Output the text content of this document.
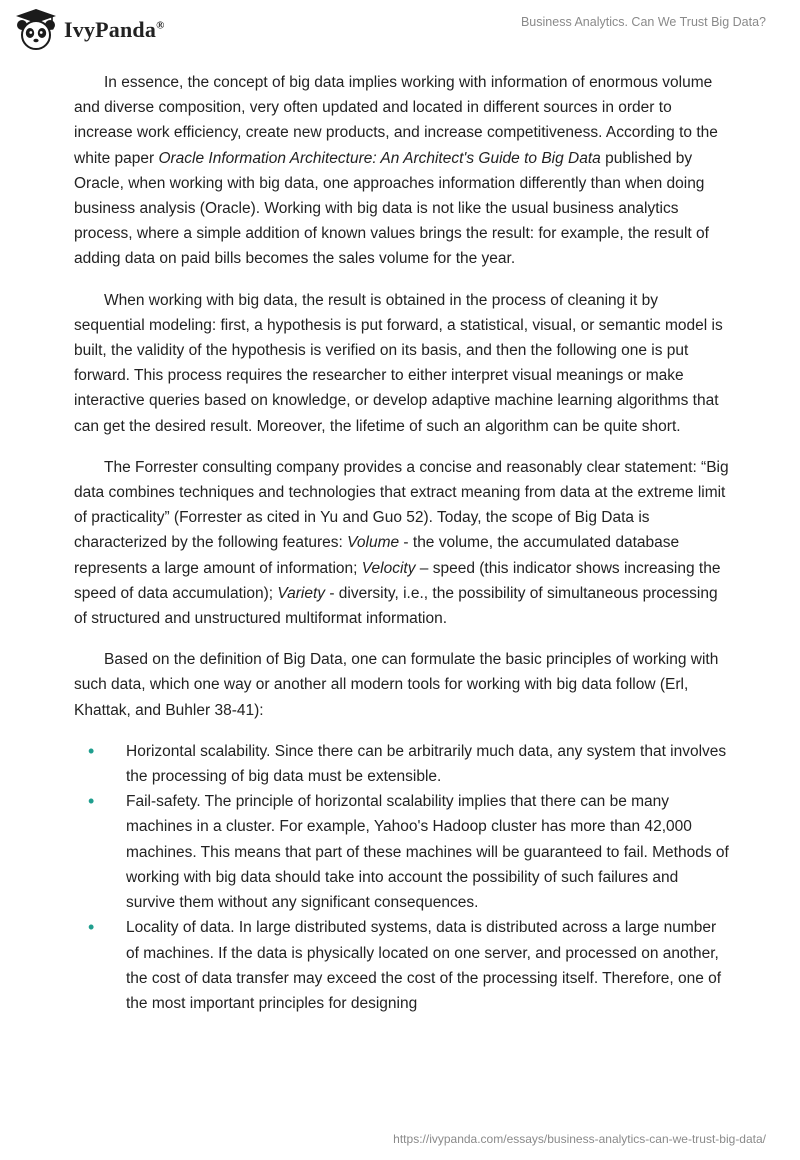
IvyPanda®	Business Analytics. Can We Trust Big Data?

In essence, the concept of big data implies working with information of enormous volume and diverse composition, very often updated and located in different sources in order to increase work efficiency, create new products, and increase competitiveness. According to the white paper Oracle Information Architecture: An Architect's Guide to Big Data published by Oracle, when working with big data, one approaches information differently than when doing business analysis (Oracle). Working with big data is not like the usual business analytics process, where a simple addition of known values brings the result: for example, the result of adding data on paid bills becomes the sales volume for the year.

When working with big data, the result is obtained in the process of cleaning it by sequential modeling: first, a hypothesis is put forward, a statistical, visual, or semantic model is built, the validity of the hypothesis is verified on its basis, and then the following one is put forward. This process requires the researcher to either interpret visual meanings or make interactive queries based on knowledge, or develop adaptive machine learning algorithms that can get the desired result. Moreover, the lifetime of such an algorithm can be quite short.

The Forrester consulting company provides a concise and reasonably clear statement: “Big data combines techniques and technologies that extract meaning from data at the extreme limit of practicality” (Forrester as cited in Yu and Guo 52). Today, the scope of Big Data is characterized by the following features: Volume - the volume, the accumulated database represents a large amount of information; Velocity – speed (this indicator shows increasing the speed of data accumulation); Variety - diversity, i.e., the possibility of simultaneous processing of structured and unstructured multiformat information.

Based on the definition of Big Data, one can formulate the basic principles of working with such data, which one way or another all modern tools for working with big data follow (Erl, Khattak, and Buhler 38-41):

• Horizontal scalability. Since there can be arbitrarily much data, any system that involves the processing of big data must be extensible.
• Fail-safety. The principle of horizontal scalability implies that there can be many machines in a cluster. For example, Yahoo's Hadoop cluster has more than 42,000 machines. This means that part of these machines will be guaranteed to fail. Methods of working with big data should take into account the possibility of such failures and survive them without any significant consequences.
• Locality of data. In large distributed systems, data is distributed across a large number of machines. If the data is physically located on one server, and processed on another, the cost of data transfer may exceed the cost of the processing itself. Therefore, one of the most important principles for designing
https://ivypanda.com/essays/business-analytics-can-we-trust-big-data/
